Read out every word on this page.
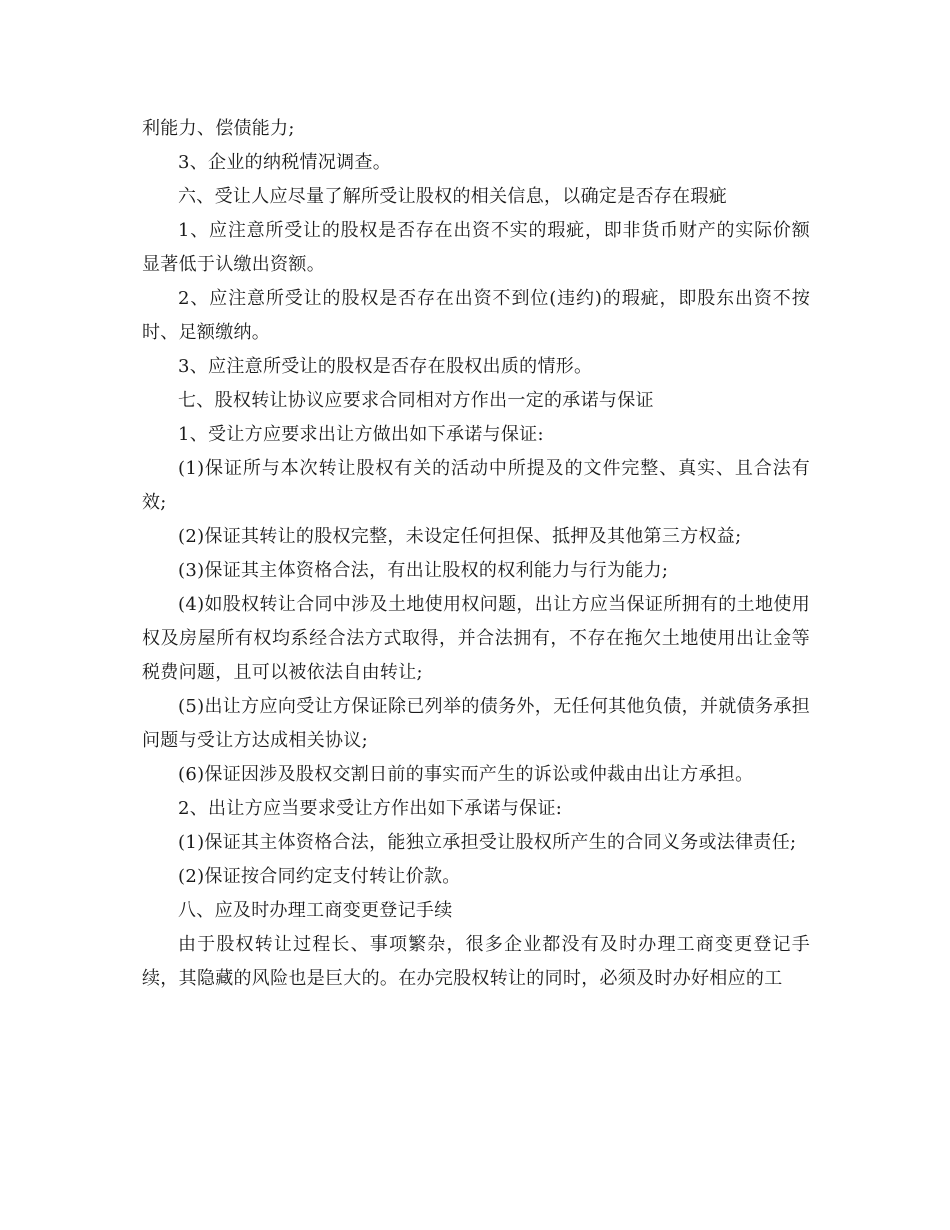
利能力、偿债能力;

3、企业的纳税情况调查。

六、受让人应尽量了解所受让股权的相关信息，以确定是否存在瑕疵

1、应注意所受让的股权是否存在出资不实的瑕疵，即非货币财产的实际价额显著低于认缴出资额。

2、应注意所受让的股权是否存在出资不到位(违约)的瑕疵，即股东出资不按时、足额缴纳。

3、应注意所受让的股权是否存在股权出质的情形。

七、股权转让协议应要求合同相对方作出一定的承诺与保证

1、受让方应要求出让方做出如下承诺与保证:

(1)保证所与本次转让股权有关的活动中所提及的文件完整、真实、且合法有效;

(2)保证其转让的股权完整，未设定任何担保、抵押及其他第三方权益;

(3)保证其主体资格合法，有出让股权的权利能力与行为能力;

(4)如股权转让合同中涉及土地使用权问题，出让方应当保证所拥有的土地使用权及房屋所有权均系经合法方式取得，并合法拥有，不存在拖欠土地使用出让金等税费问题，且可以被依法自由转让;

(5)出让方应向受让方保证除已列举的债务外，无任何其他负债，并就债务承担问题与受让方达成相关协议;

(6)保证因涉及股权交割日前的事实而产生的诉讼或仲裁由出让方承担。

2、出让方应当要求受让方作出如下承诺与保证:

(1)保证其主体资格合法，能独立承担受让股权所产生的合同义务或法律责任;

(2)保证按合同约定支付转让价款。

八、应及时办理工商变更登记手续

由于股权转让过程长、事项繁杂，很多企业都没有及时办理工商变更登记手续，其隐藏的风险也是巨大的。在办完股权转让的同时，必须及时办好相应的工
